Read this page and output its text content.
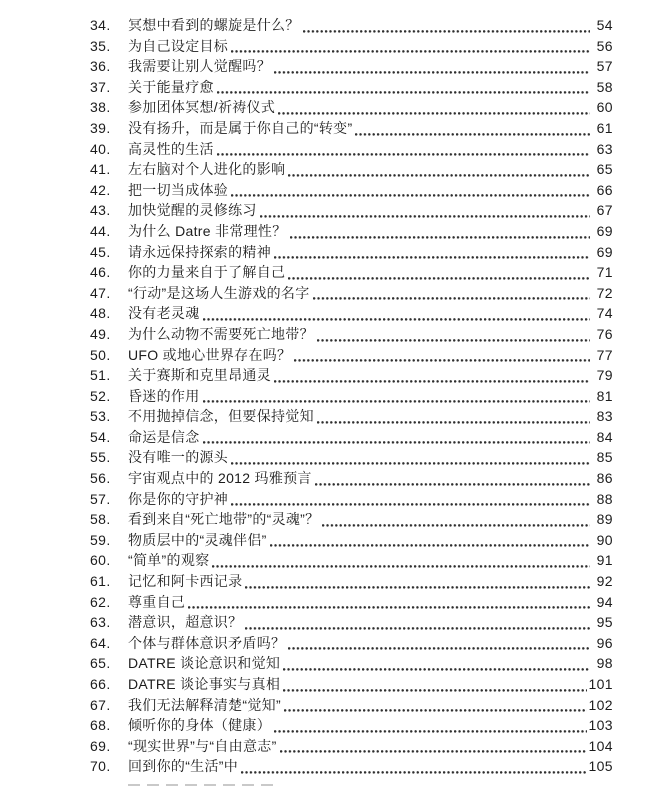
34.	冥想中看到的螺旋是什么？	54
35.	为自己设定目标	56
36.	我需要让别人觉醒吗？	57
37.	关于能量疗愈	58
38.	参加团体冥想/祈祷仪式	60
39.	没有扬升，而是属于你自己的“转变”	61
40.	高灵性的生活	63
41.	左右脑对个人进化的影响	65
42.	把一切当成体验	66
43.	加快觉醒的灵修练习	67
44.	为什么 Datre 非常理性？	69
45.	请永远保持探索的精神	69
46.	你的力量来自于了解自己	71
47.	“行动”是这场人生游戏的名字	72
48.	没有老灵魂	74
49.	为什么动物不需要死亡地带？	76
50.	UFO 或地心世界存在吗？	77
51.	关于赛斯和克里昂通灵	79
52.	昏迷的作用	81
53.	不用抛掉信念，但要保持觉知	83
54.	命运是信念	84
55.	没有唯一的源头	85
56.	宇宙观点中的 2012 玛雅预言	86
57.	你是你的守护神	88
58.	看到来自“死亡地带”的“灵魂”？	89
59.	物质层中的“灵魂伴侣”	90
60.	“简单”的观察	91
61.	记忆和阿卡西记录	92
62.	尊重自己	94
63.	潜意识，超意识？	95
64.	个体与群体意识矛盾吗？	96
65.	DATRE 谈论意识和觉知	98
66.	DATRE 谈论事实与真相	101
67.	我们无法解释清楚“觉知”	102
68.	倾听你的身体（健康）	103
69.	“现实世界”与“自由意志”	104
70.	回到你的“生活”中	105
